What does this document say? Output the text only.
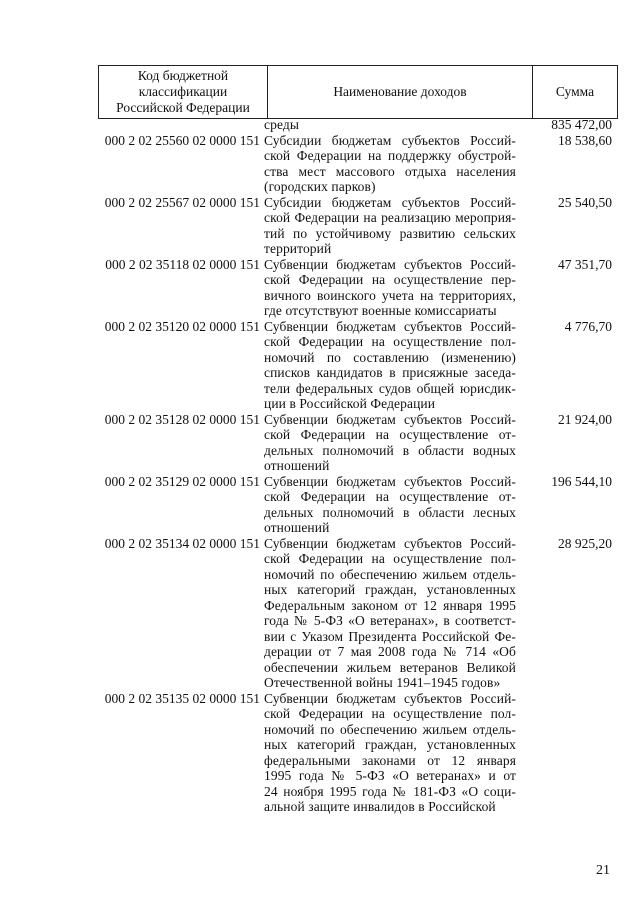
Код бюджетной
классификации
Российской Федерации
Наименование доходов	Сумма
среды	835 472,00
000 2 02 25560 02 0000 151 Субсидии бюджетам субъектов Россий-
ской Федерации на поддержку обустрой-
ства мест массового отдыха населения
(городских парков)
18 538,60
000 2 02 25567 02 0000 151 Субсидии бюджетам субъектов Россий-
ской Федерации на реализацию мероприя-
тий по устойчивому развитию сельских
территорий
25 540,50
000 2 02 35118 02 0000 151 Субвенции бюджетам субъектов Россий-
ской Федерации на осуществление пер-
вичного воинского учета на территориях,
где отсутствуют военные комиссариаты
47 351,70
000 2 02 35120 02 0000 151 Субвенции бюджетам субъектов Россий-
ской Федерации на осуществление пол-
номочий по составлению (изменению)
списков кандидатов в присяжные заседа-
тели федеральных судов общей юрисдик-
ции в Российской Федерации
4 776,70
000 2 02 35128 02 0000 151 Субвенции бюджетам субъектов Россий-
ской Федерации на осуществление от-
дельных полномочий в области водных
отношений
21 924,00
000 2 02 35129 02 0000 151 Субвенции бюджетам субъектов Россий-
ской Федерации на осуществление от-
дельных полномочий в области лесных
отношений
196 544,10
000 2 02 35134 02 0000 151 Субвенции бюджетам субъектов Россий-
ской Федерации на осуществление пол-
номочий по обеспечению жильем отдель-
ных категорий граждан, установленных
Федеральным законом от 12 января 1995
года № 5-ФЗ «О ветеранах», в соответст-
вии с Указом Президента Российской Фе-
дерации от 7 мая 2008 года № 714 «Об
обеспечении жильем ветеранов Великой
Отечественной войны 1941–1945 годов»
28 925,20
000 2 02 35135 02 0000 151 Субвенции бюджетам субъектов Россий-
ской Федерации на осуществление пол-
номочий по обеспечению жильем отдель-
ных категорий граждан, установленных
федеральными законами от 12 января
1995 года № 5-ФЗ «О ветеранах» и от
24 ноября 1995 года № 181-ФЗ «О соци-
альной защите инвалидов в Российской
21
